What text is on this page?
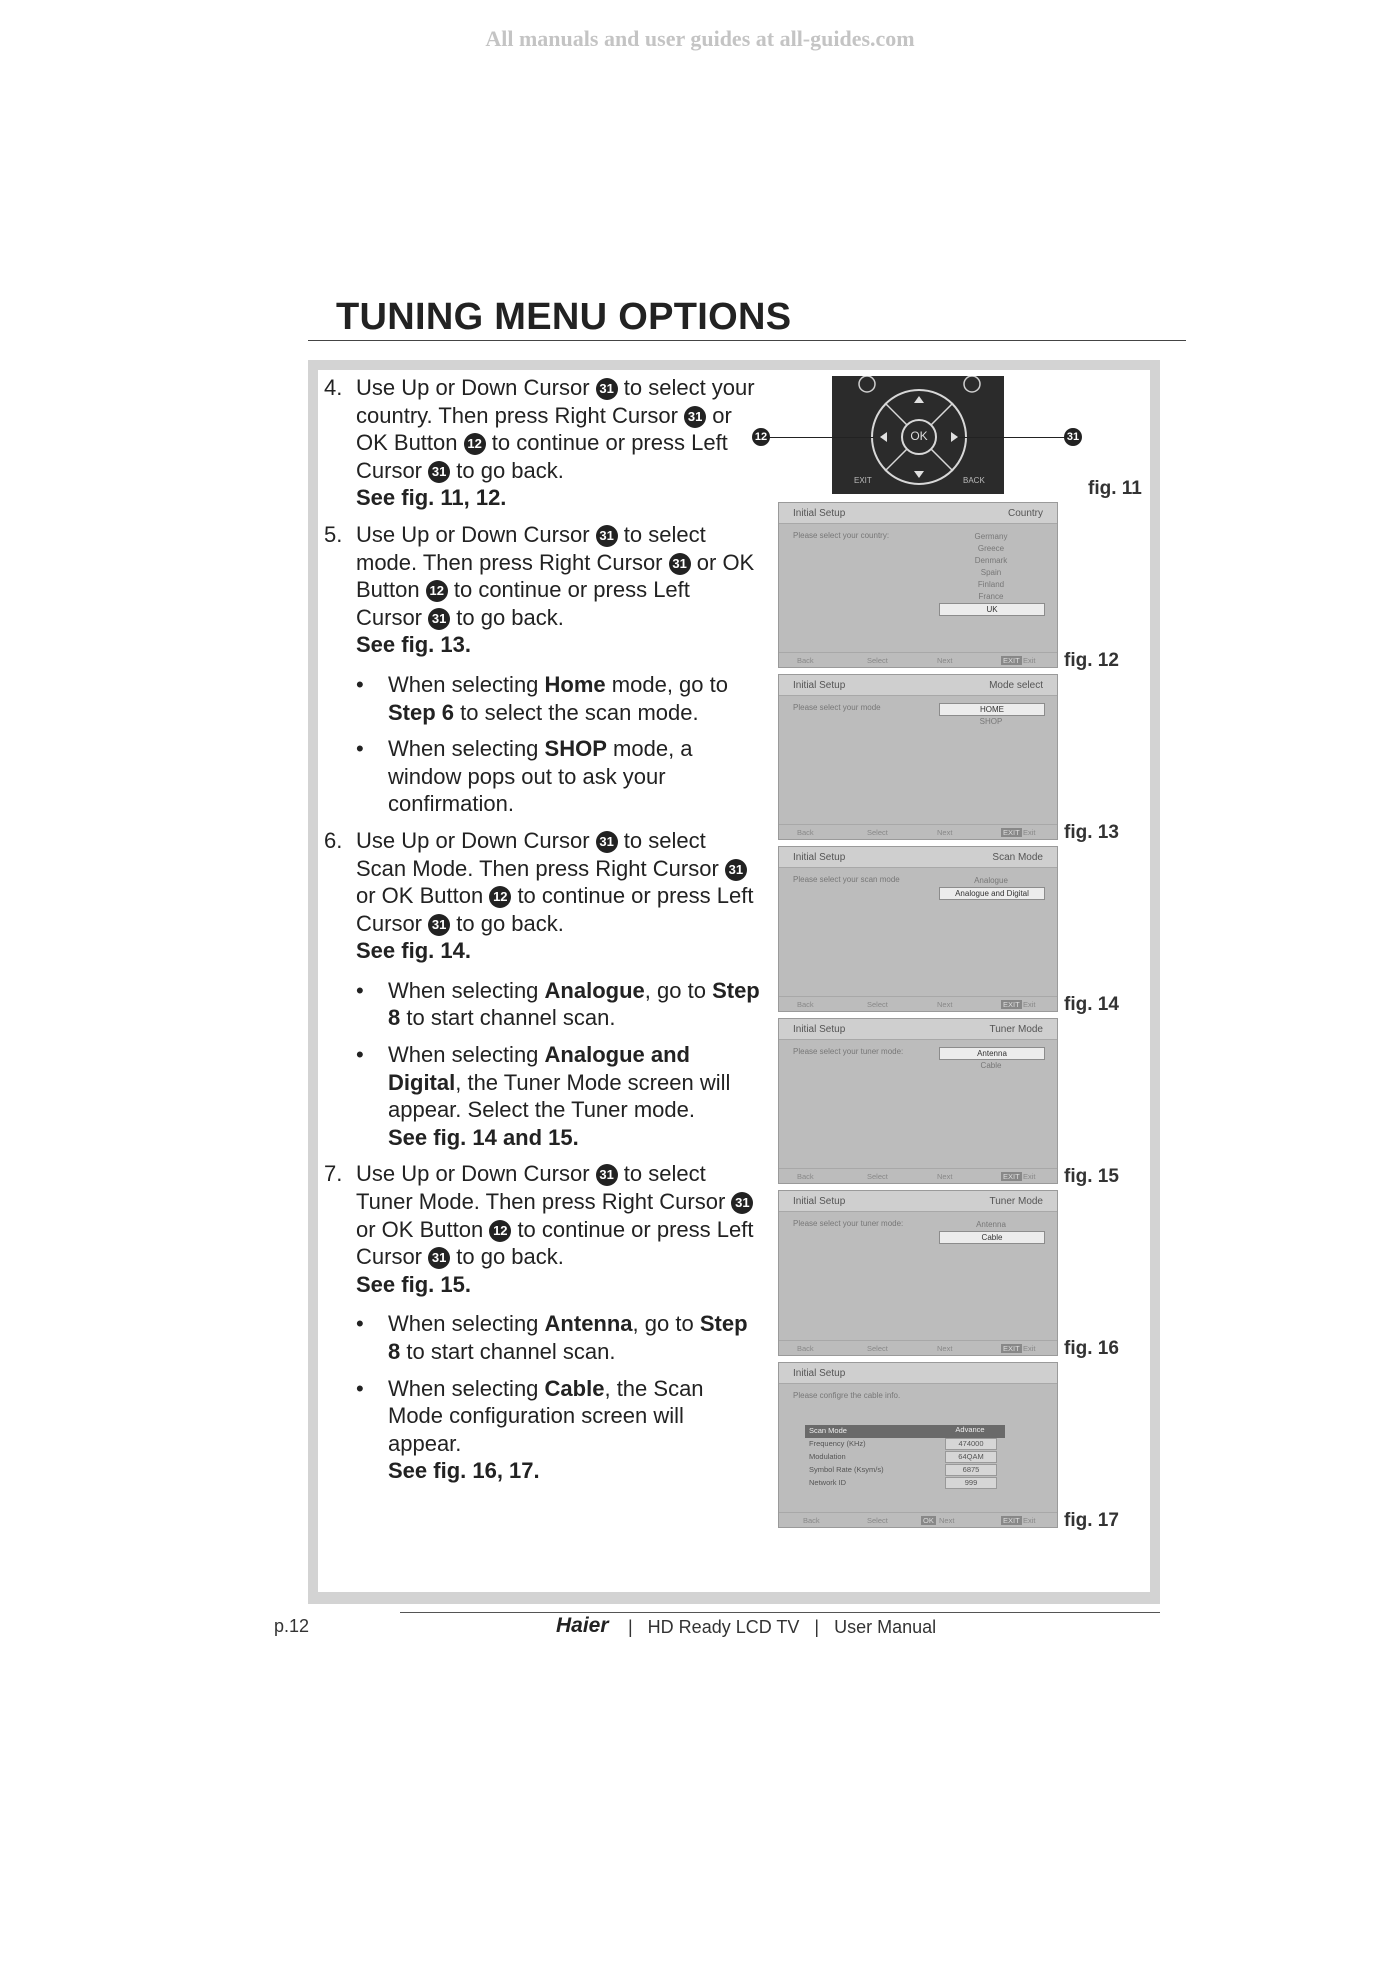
All manuals and user guides at all-guides.com
TUNING MENU OPTIONS
4. Use Up or Down Cursor 31 to select your country. Then press Right Cursor 31 or OK Button 12 to continue or press Left Cursor 31 to go back.
See fig. 11, 12.
5. Use Up or Down Cursor 31 to select mode. Then press Right Cursor 31 or OK Button 12 to continue or press Left Cursor 31 to go back.
See fig. 13.
• When selecting Home mode, go to Step 6 to select the scan mode.
• When selecting SHOP mode, a window pops out to ask your confirmation.
6. Use Up or Down Cursor 31 to select Scan Mode. Then press Right Cursor 31 or OK Button 12 to continue or press Left Cursor 31 to go back.
See fig. 14.
• When selecting Analogue, go to Step 8 to start channel scan.
• When selecting Analogue and Digital, the Tuner Mode screen will appear. Select the Tuner mode.
See fig. 14 and 15.
7. Use Up or Down Cursor 31 to select Tuner Mode. Then press Right Cursor 31 or OK Button 12 to continue or press Left Cursor 31 to go back.
See fig. 15.
• When selecting Antenna, go to Step 8 to start channel scan.
• When selecting Cable, the Scan Mode configuration screen will appear.
See fig. 16, 17.
OK
EXIT	BACK
12	31
fig. 11
Initial Setup	Country
Please select your country:	Germany
Greece
Denmark
Spain
Finland
France
UK
Back	Select	Next	EXIT Exit fig. 12
Initial Setup	Mode select
Please select your mode	HOME
SHOP
Back	Select	Next	EXIT Exit fig. 13
Initial Setup	Scan Mode
Please select your scan mode	Analogue
Analogue and Digital
Back	Select	Next	EXIT Exit fig. 14
Initial Setup	Tuner Mode
Please select your tuner mode:	Antenna
Cable
Back	Select	Next	EXIT Exit fig. 15
Initial Setup	Tuner Mode
Please select your tuner mode:	Antenna
Cable
Back	Select	Next	EXIT Exit fig. 16
Initial Setup
Please configre the cable info.
Scan Mode	Advance
Frequency (KHz)	474000
Modulation	64QAM
Symbol Rate (Ksym/s)	6875
Network ID	999
Back	Select	OK Next	EXIT Exit fig. 17
p.12	Haier |   HD Ready LCD TV   |   User Manual
